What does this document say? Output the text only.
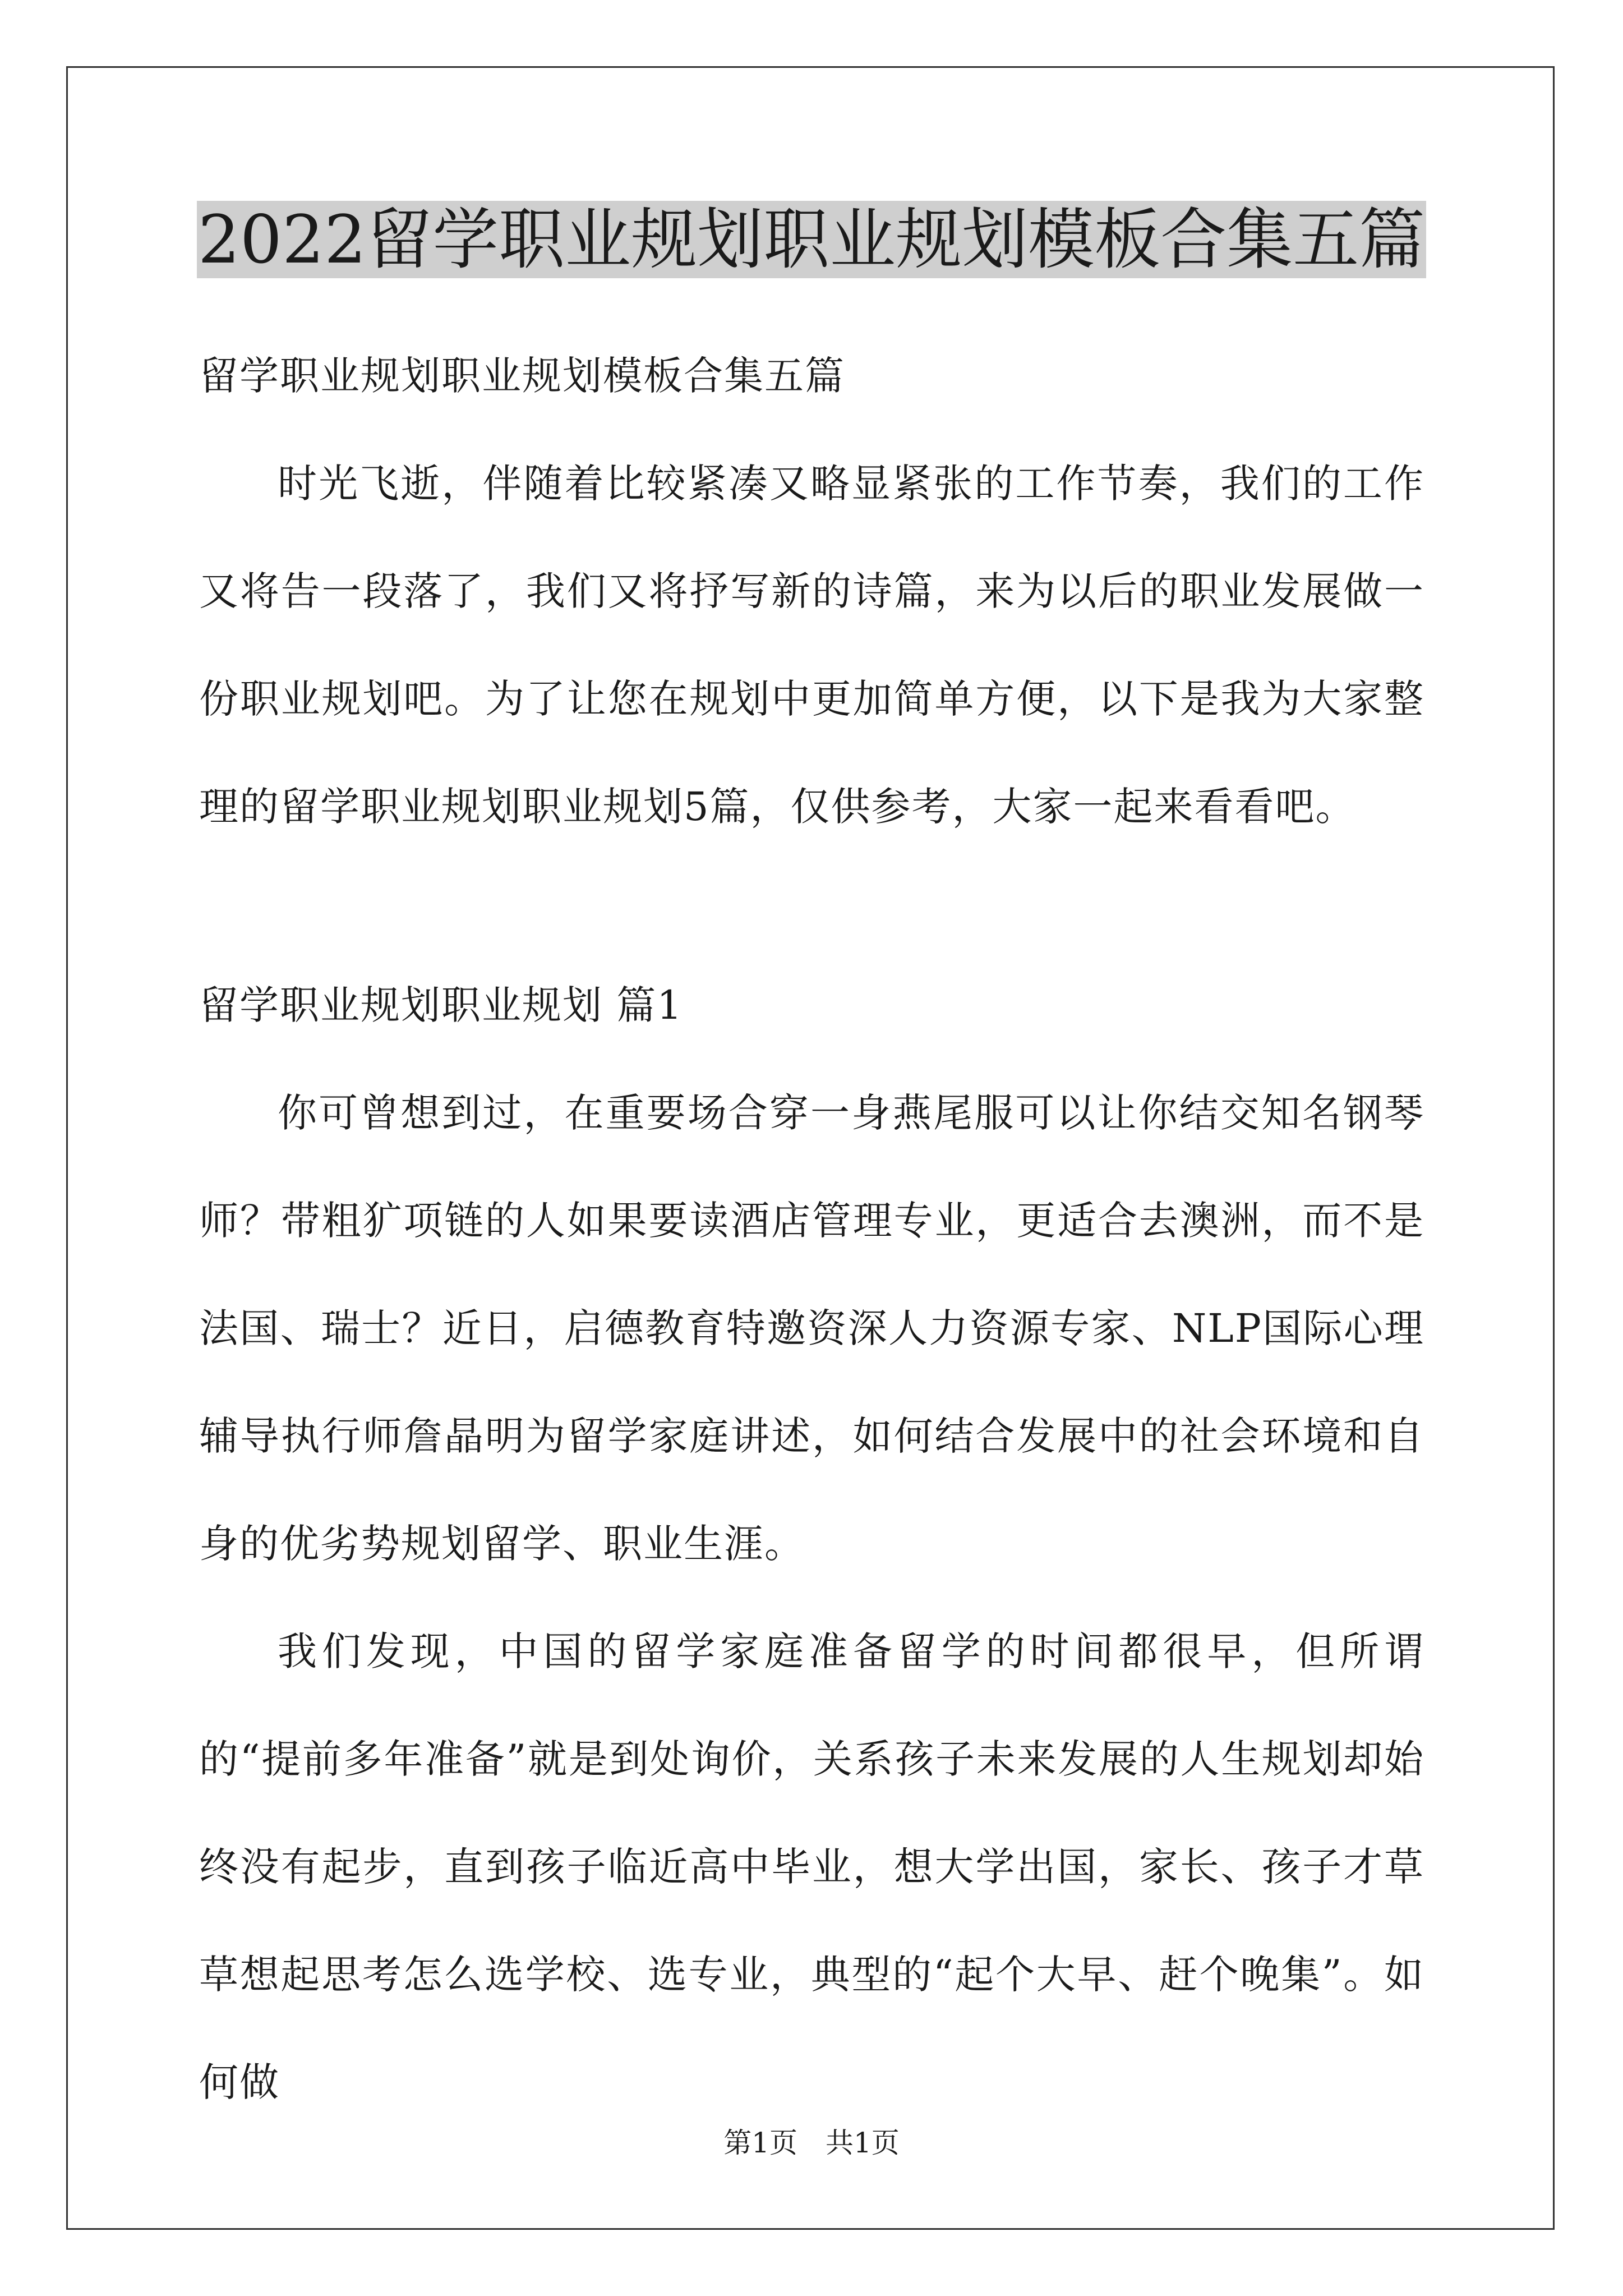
2022留学职业规划职业规划模板合集五篇

留学职业规划职业规划模板合集五篇

时光飞逝，伴随着比较紧凑又略显紧张的工作节奏，我们的工作又将告一段落了，我们又将抒写新的诗篇，来为以后的职业发展做一份职业规划吧。为了让您在规划中更加简单方便，以下是我为大家整理的留学职业规划职业规划5篇，仅供参考，大家一起来看看吧。

留学职业规划职业规划 篇1

你可曾想到过，在重要场合穿一身燕尾服可以让你结交知名钢琴师？带粗犷项链的人如果要读酒店管理专业，更适合去澳洲，而不是法国、瑞士？近日，启德教育特邀资深人力资源专家、NLP国际心理辅导执行师詹晶明为留学家庭讲述，如何结合发展中的社会环境和自身的优劣势规划留学、职业生涯。

我们发现，中国的留学家庭准备留学的时间都很早，但所谓的“提前多年准备”就是到处询价，关系孩子未来发展的人生规划却始终没有起步，直到孩子临近高中毕业，想大学出国，家长、孩子才草草想起思考怎么选学校、选专业，典型的“起个大早、赶个晚集”。如何做

第1页　共1页
